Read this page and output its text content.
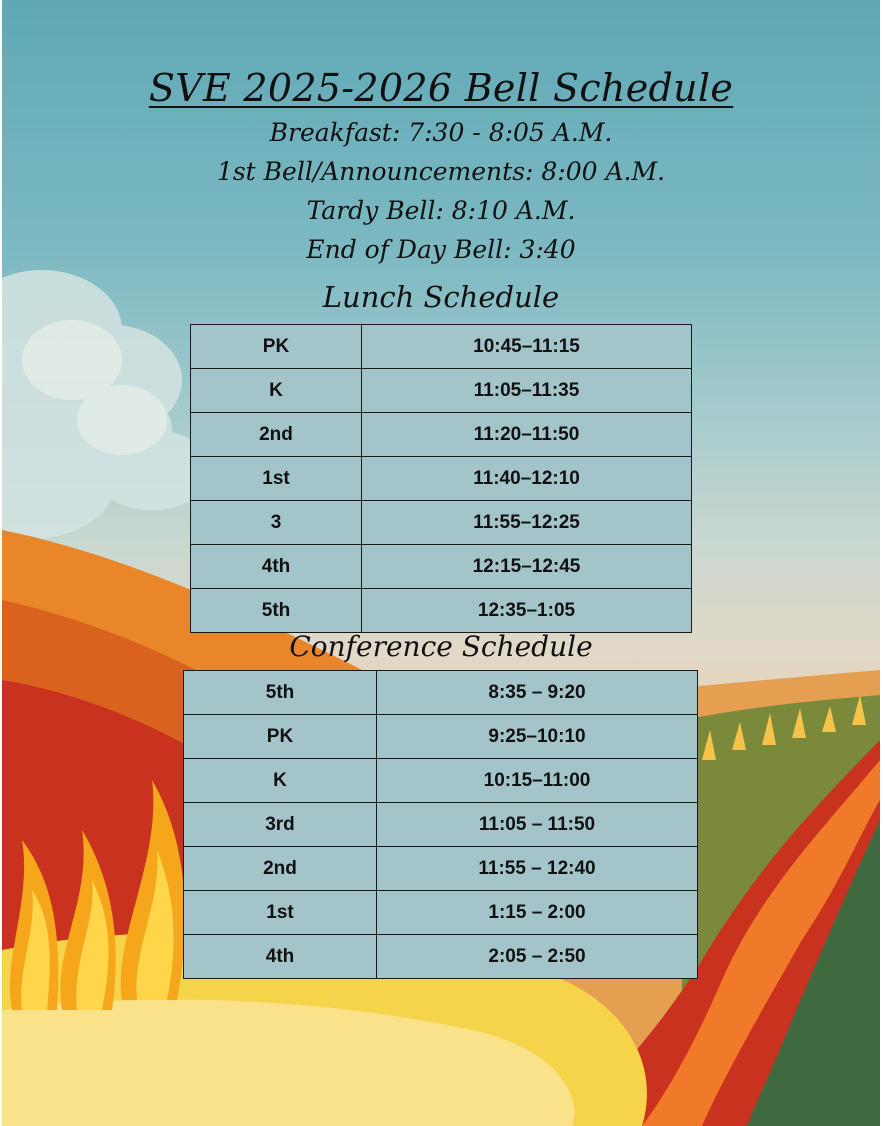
SVE 2025-2026 Bell Schedule
Breakfast: 7:30 - 8:05 A.M.
1st Bell/Announcements: 8:00 A.M.
Tardy Bell: 8:10 A.M.
End of Day Bell: 3:40
Lunch Schedule
PK	10:45–11:15
K	11:05–11:35
2nd	11:20–11:50
1st	11:40–12:10
3	11:55–12:25
4th	12:15–12:45
5th	12:35–1:05
Conference Schedule
5th	8:35 – 9:20
PK	9:25–10:10
K	10:15–11:00
3rd	11:05 – 11:50
2nd	11:55 – 12:40
1st	1:15 – 2:00
4th	2:05 – 2:50
